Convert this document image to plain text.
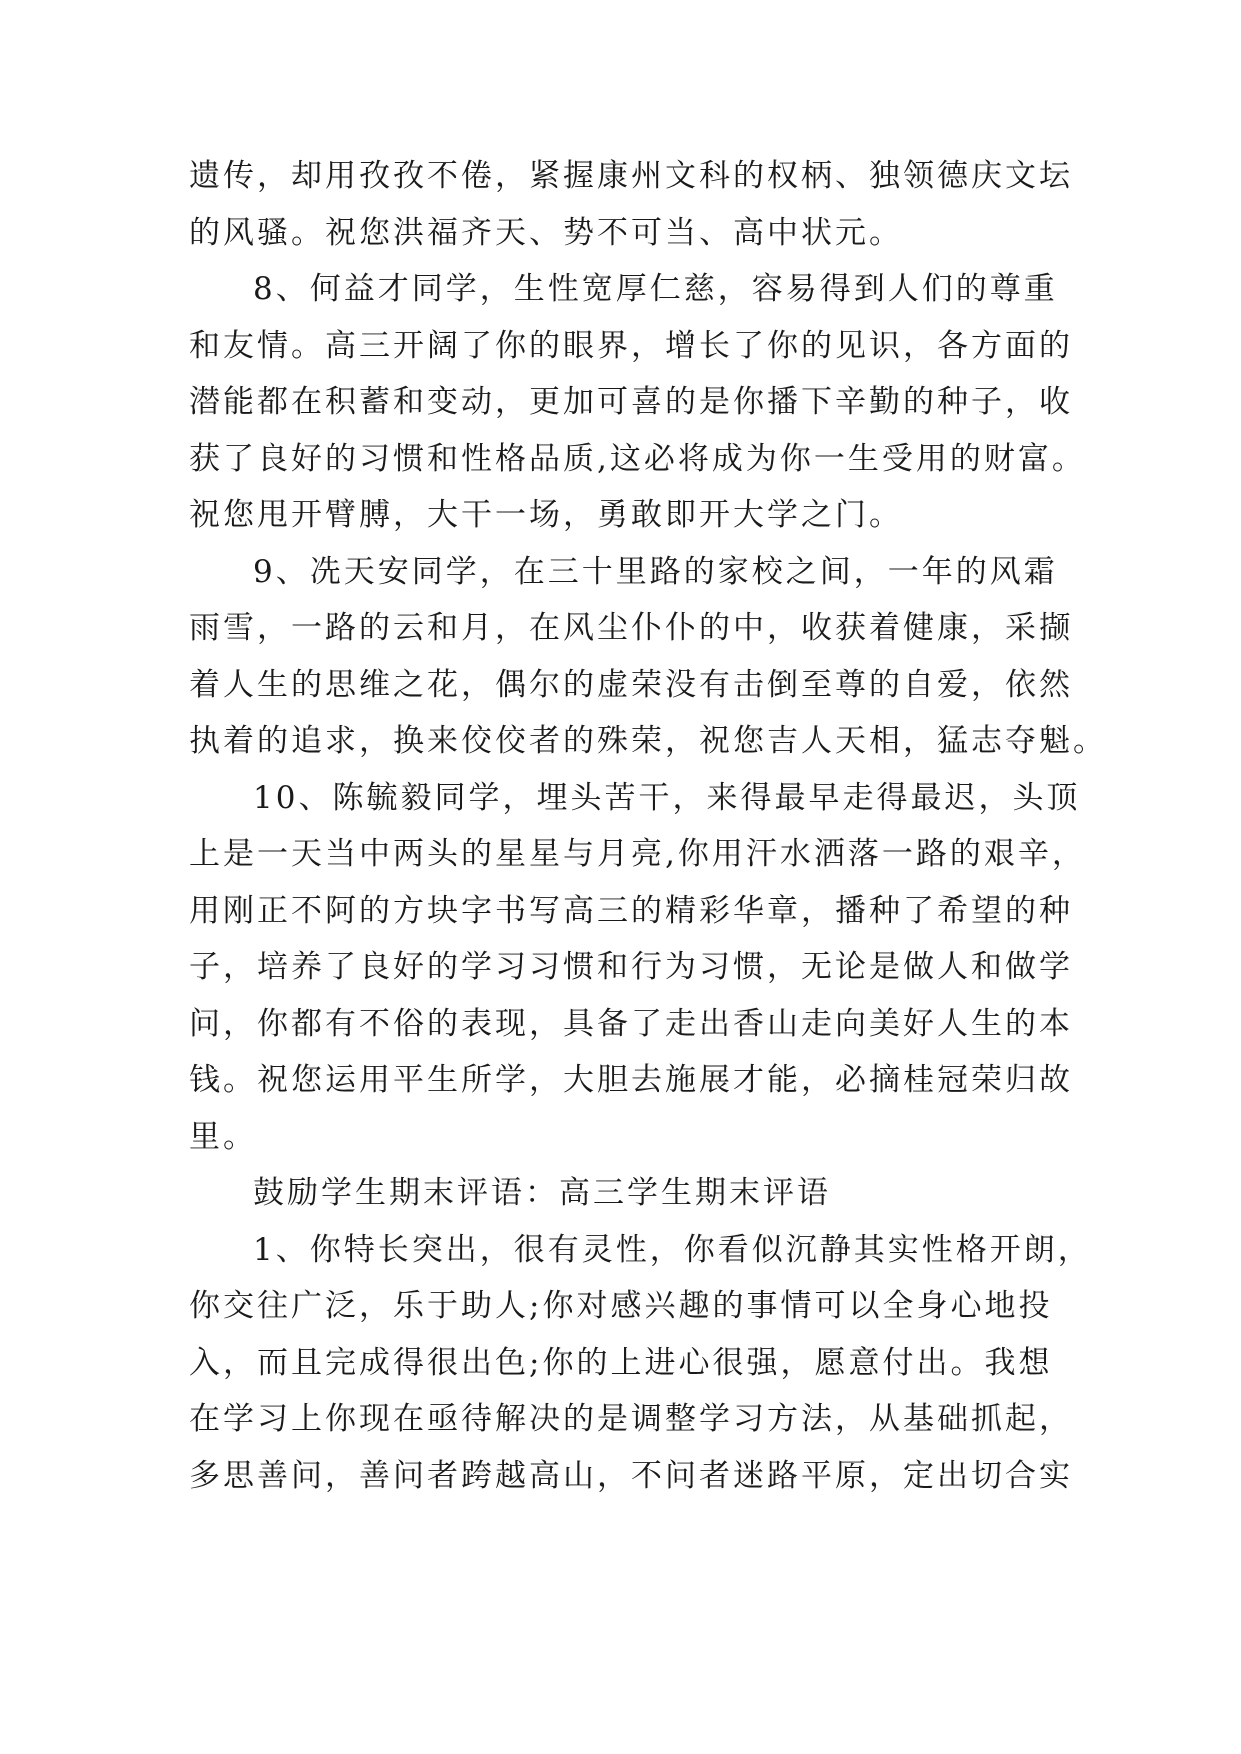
遗传，却用孜孜不倦，紧握康州文科的权柄、独领德庆文坛
的风骚。祝您洪福齐天、势不可当、高中状元。
8、何益才同学，生性宽厚仁慈，容易得到人们的尊重
和友情。高三开阔了你的眼界，增长了你的见识，各方面的
潜能都在积蓄和变动，更加可喜的是你播下辛勤的种子，收
获了良好的习惯和性格品质,这必将成为你一生受用的财富。
祝您甩开臂膊，大干一场，勇敢即开大学之门。
9、冼天安同学，在三十里路的家校之间，一年的风霜
雨雪，一路的云和月，在风尘仆仆的中，收获着健康，采撷
着人生的思维之花，偶尔的虚荣没有击倒至尊的自爱，依然
执着的追求，换来佼佼者的殊荣，祝您吉人天相，猛志夺魁。
10、陈毓毅同学，埋头苦干，来得最早走得最迟，头顶
上是一天当中两头的星星与月亮,你用汗水洒落一路的艰辛，
用刚正不阿的方块字书写高三的精彩华章，播种了希望的种
子，培养了良好的学习习惯和行为习惯，无论是做人和做学
问，你都有不俗的表现，具备了走出香山走向美好人生的本
钱。祝您运用平生所学，大胆去施展才能，必摘桂冠荣归故
里。
鼓励学生期末评语：高三学生期末评语
1、你特长突出，很有灵性，你看似沉静其实性格开朗，
你交往广泛，乐于助人;你对感兴趣的事情可以全身心地投
入，而且完成得很出色;你的上进心很强，愿意付出。我想
在学习上你现在亟待解决的是调整学习方法，从基础抓起，
多思善问，善问者跨越高山，不问者迷路平原，定出切合实
